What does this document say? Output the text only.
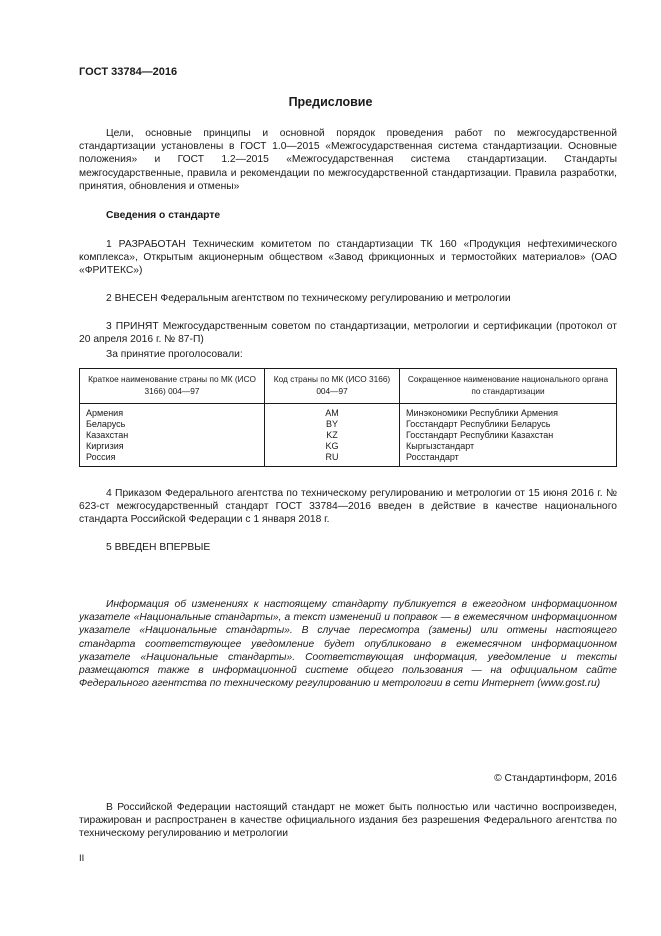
ГОСТ 33784—2016
Предисловие
Цели, основные принципы и основной порядок проведения работ по межгосударственной стандартизации установлены в ГОСТ 1.0—2015 «Межгосударственная система стандартизации. Основные положения» и ГОСТ 1.2—2015 «Межгосударственная система стандартизации. Стандарты межгосударственные, правила и рекомендации по межгосударственной стандартизации. Правила разработки, принятия, обновления и отмены»
Сведения о стандарте
1 РАЗРАБОТАН Техническим комитетом по стандартизации ТК 160 «Продукция нефтехимического комплекса», Открытым акционерным обществом «Завод фрикционных и термостойких материалов» (ОАО «ФРИТЕКС»)
2 ВНЕСЕН Федеральным агентством по техническому регулированию и метрологии
3 ПРИНЯТ Межгосударственным советом по стандартизации, метрологии и сертификации (протокол от 20 апреля 2016 г. № 87-П)
За принятие проголосовали:
Краткое наименование страны по МК (ИСО 3166) 004—97	Код страны по МК (ИСО 3166) 004—97	Сокращенное наименование национального органа по стандартизации
Армения	AM	Минэкономики Республики Армения
Беларусь	BY	Госстандарт Республики Беларусь
Казахстан	KZ	Госстандарт Республики Казахстан
Киргизия	KG	Кыргызстандарт
Россия	RU	Росстандарт
4 Приказом Федерального агентства по техническому регулированию и метрологии от 15 июня 2016 г. № 623-ст межгосударственный стандарт ГОСТ 33784—2016 введен в действие в качестве национального стандарта Российской Федерации с 1 января 2018 г.
5 ВВЕДЕН ВПЕРВЫЕ
Информация об изменениях к настоящему стандарту публикуется в ежегодном информационном указателе «Национальные стандарты», а текст изменений и поправок — в ежемесячном информационном указателе «Национальные стандарты». В случае пересмотра (замены) или отмены настоящего стандарта соответствующее уведомление будет опубликовано в ежемесячном информационном указателе «Национальные стандарты». Соответствующая информация, уведомление и тексты размещаются также в информационной системе общего пользования — на официальном сайте Федерального агентства по техническому регулированию и метрологии в сети Интернет (www.gost.ru)
© Стандартинформ, 2016
В Российской Федерации настоящий стандарт не может быть полностью или частично воспроизведен, тиражирован и распространен в качестве официального издания без разрешения Федерального агентства по техническому регулированию и метрологии
II
